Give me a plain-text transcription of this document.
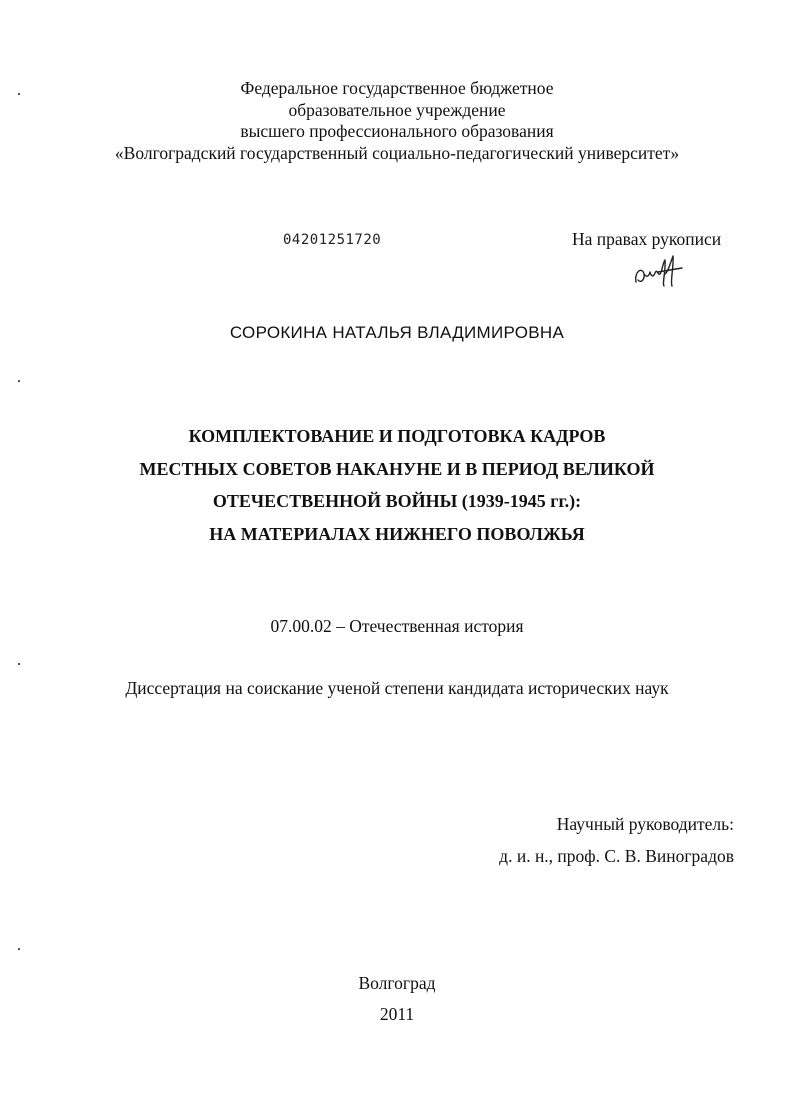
Федеральное государственное бюджетное
образовательное учреждение
высшего профессионального образования
«Волгоградский государственный социально-педагогический университет»
04201251720	На правах рукописи
СОРОКИНА НАТАЛЬЯ ВЛАДИМИРОВНА
КОМПЛЕКТОВАНИЕ И ПОДГОТОВКА КАДРОВ
МЕСТНЫХ СОВЕТОВ НАКАНУНЕ И В ПЕРИОД ВЕЛИКОЙ
ОТЕЧЕСТВЕННОЙ ВОЙНЫ (1939-1945 гг.):
НА МАТЕРИАЛАХ НИЖНЕГО ПОВОЛЖЬЯ
07.00.02 – Отечественная история
Диссертация на соискание ученой степени кандидата исторических наук
Научный руководитель:
д. и. н., проф. С. В. Виноградов
Волгоград
2011
